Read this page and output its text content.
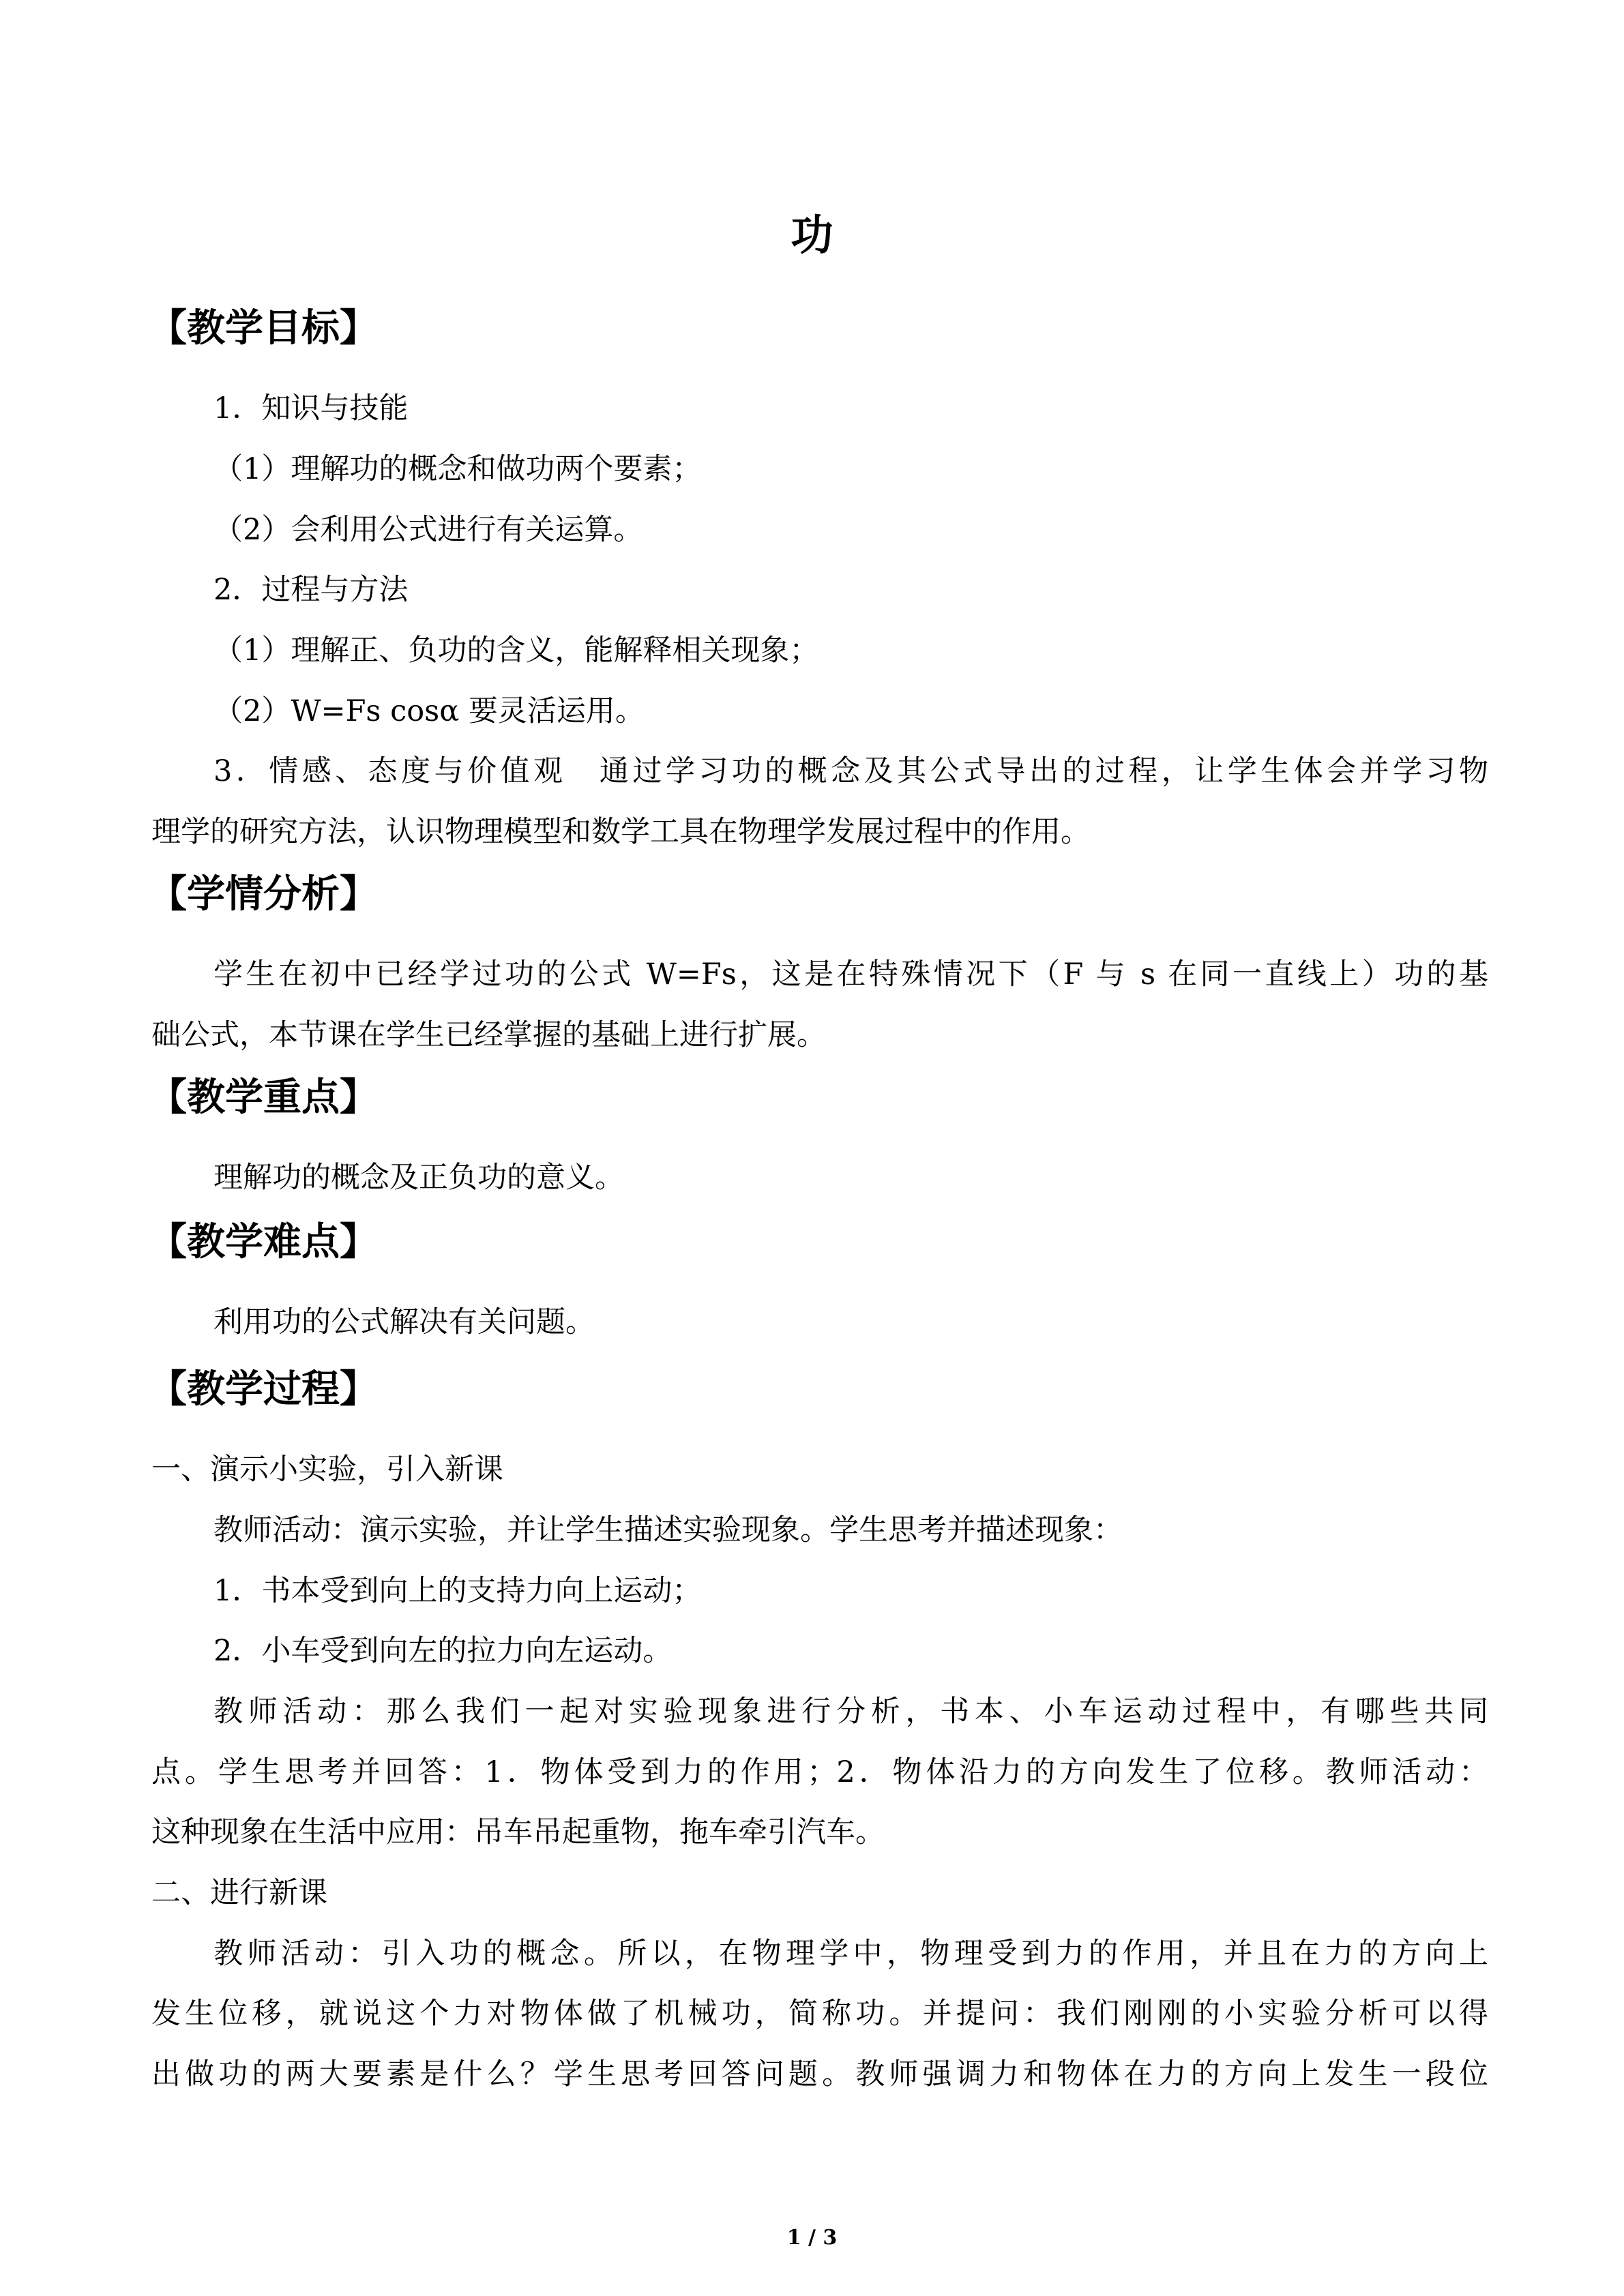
功
【教学目标】
1．知识与技能
（1）理解功的概念和做功两个要素；
（2）会利用公式进行有关运算。
2．过程与方法
（1）理解正、负功的含义，能解释相关现象；
（2）W=Fs cosα 要灵活运用。
3．情感、态度与价值观　通过学习功的概念及其公式导出的过程，让学生体会并学习物
理学的研究方法，认识物理模型和数学工具在物理学发展过程中的作用。
【学情分析】
学生在初中已经学过功的公式 W=Fs，这是在特殊情况下（F 与 s 在同一直线上）功的基
础公式，本节课在学生已经掌握的基础上进行扩展。
【教学重点】
理解功的概念及正负功的意义。
【教学难点】
利用功的公式解决有关问题。
【教学过程】
一、演示小实验，引入新课
教师活动：演示实验，并让学生描述实验现象。学生思考并描述现象：
1．书本受到向上的支持力向上运动；
2．小车受到向左的拉力向左运动。
教师活动：那么我们一起对实验现象进行分析，书本、小车运动过程中，有哪些共同
点。学生思考并回答：1．物体受到力的作用；2．物体沿力的方向发生了位移。教师活动：
这种现象在生活中应用：吊车吊起重物，拖车牵引汽车。
二、进行新课
教师活动：引入功的概念。所以，在物理学中，物理受到力的作用，并且在力的方向上
发生位移，就说这个力对物体做了机械功，简称功。并提问：我们刚刚的小实验分析可以得
出做功的两大要素是什么？学生思考回答问题。教师强调力和物体在力的方向上发生一段位
1 / 3
